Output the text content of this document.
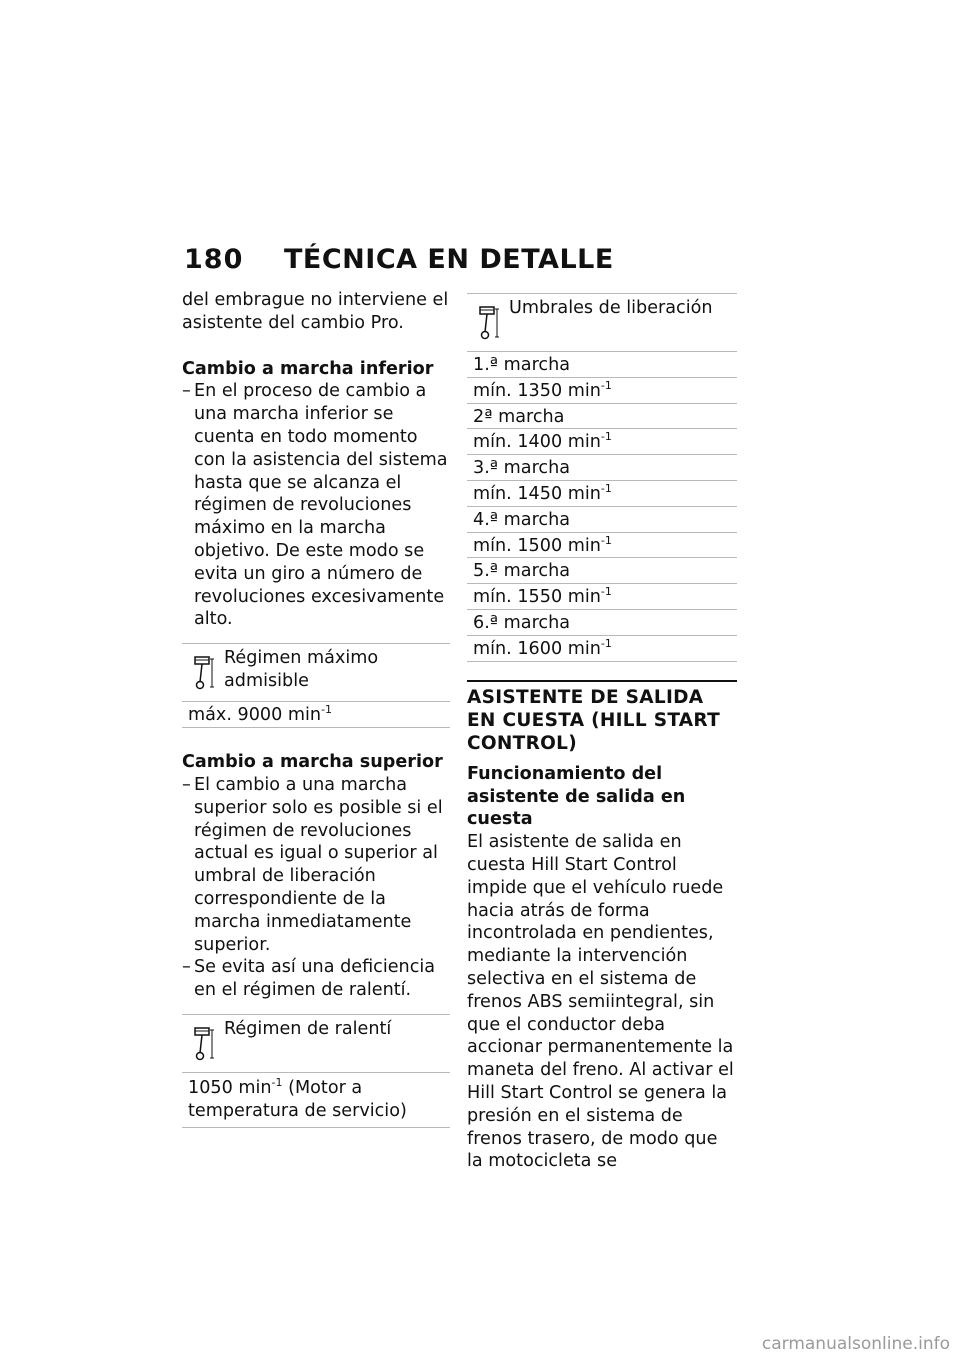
180 TÉCNICA EN DETALLE

del embrague no interviene el asistente del cambio Pro.

Cambio a marcha inferior

– En el proceso de cambio a una marcha inferior se cuenta en todo momento con la asistencia del sistema hasta que se alcanza el régimen de revoluciones máximo en la marcha objetivo. De este modo se evita un giro a número de revoluciones excesivamente alto.
Régimen máximo admisible
máx. 9000 $\min^{-1}$

Cambio a marcha superior

– El cambio a una marcha superior solo es posible si el régimen de revoluciones actual es igual o superior al umbral de liberación correspondiente de la marcha inmediatamente superior.
– Se evita así una deficiencia en el régimen de ralentí.
Régimen de ralentí
1050 $\min^{-1}$ (Motor a temperatura de servicio)
Umbrales de liberación
1.ª marcha
mín. 1350 $\min^{-1}$
2ª marcha
mín. 1400 $\min^{-1}$
3.ª marcha
mín. 1450 $\min^{-1}$
4.ª marcha
mín. 1500 $\min^{-1}$
5.ª marcha
mín. 1550 $\min^{-1}$
6.ª marcha
mín. 1600 $\min^{-1}$
ASISTENTE DE SALIDA EN CUESTA (HILL START CONTROL)

Funcionamiento del asistente de salida en cuesta

El asistente de salida en cuesta Hill Start Control impide que el vehículo ruede hacia atrás de forma incontrolada en pendientes, mediante la intervención selectiva en el sistema de frenos ABS semiintegral, sin que el conductor deba accionar permanentemente la maneta del freno. Al activar el Hill Start Control se genera la presión en el sistema de frenos trasero, de modo que la motocicleta se

carmanualsonline.info
